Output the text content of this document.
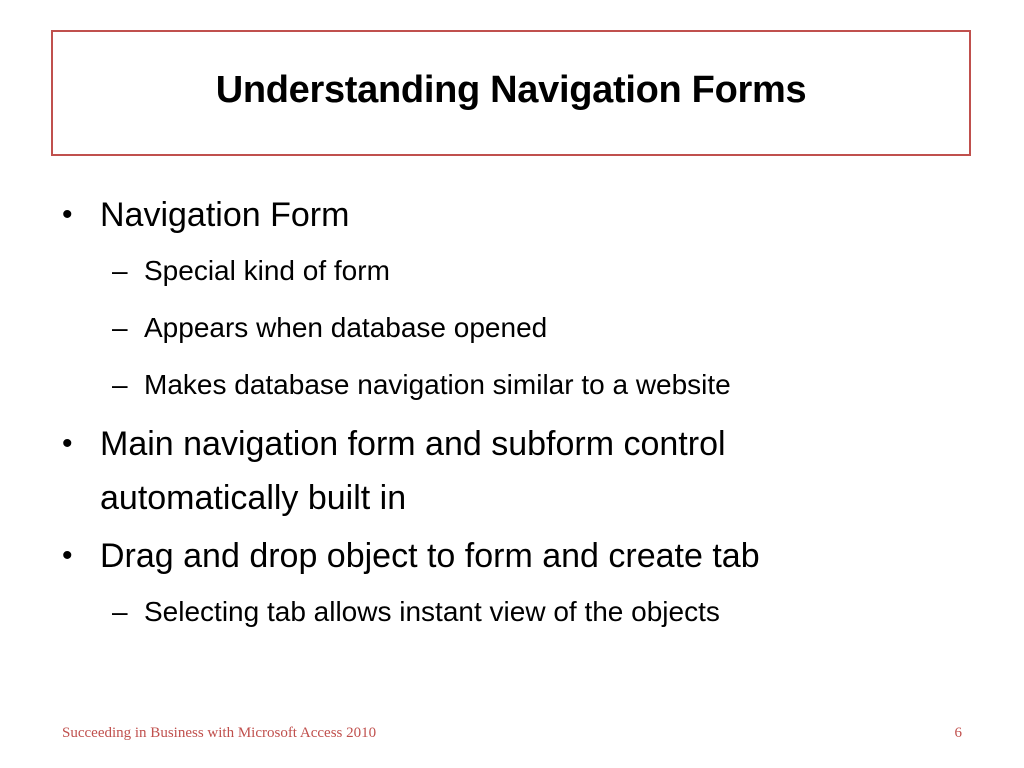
Understanding Navigation Forms
• Navigation Form
– Special kind of form
– Appears when database opened
– Makes database navigation similar to a website
• Main navigation form and subform control
automatically built in
• Drag and drop object to form and create tab
– Selecting tab allows instant view of the objects
Succeeding in Business with Microsoft Access 2010	6
